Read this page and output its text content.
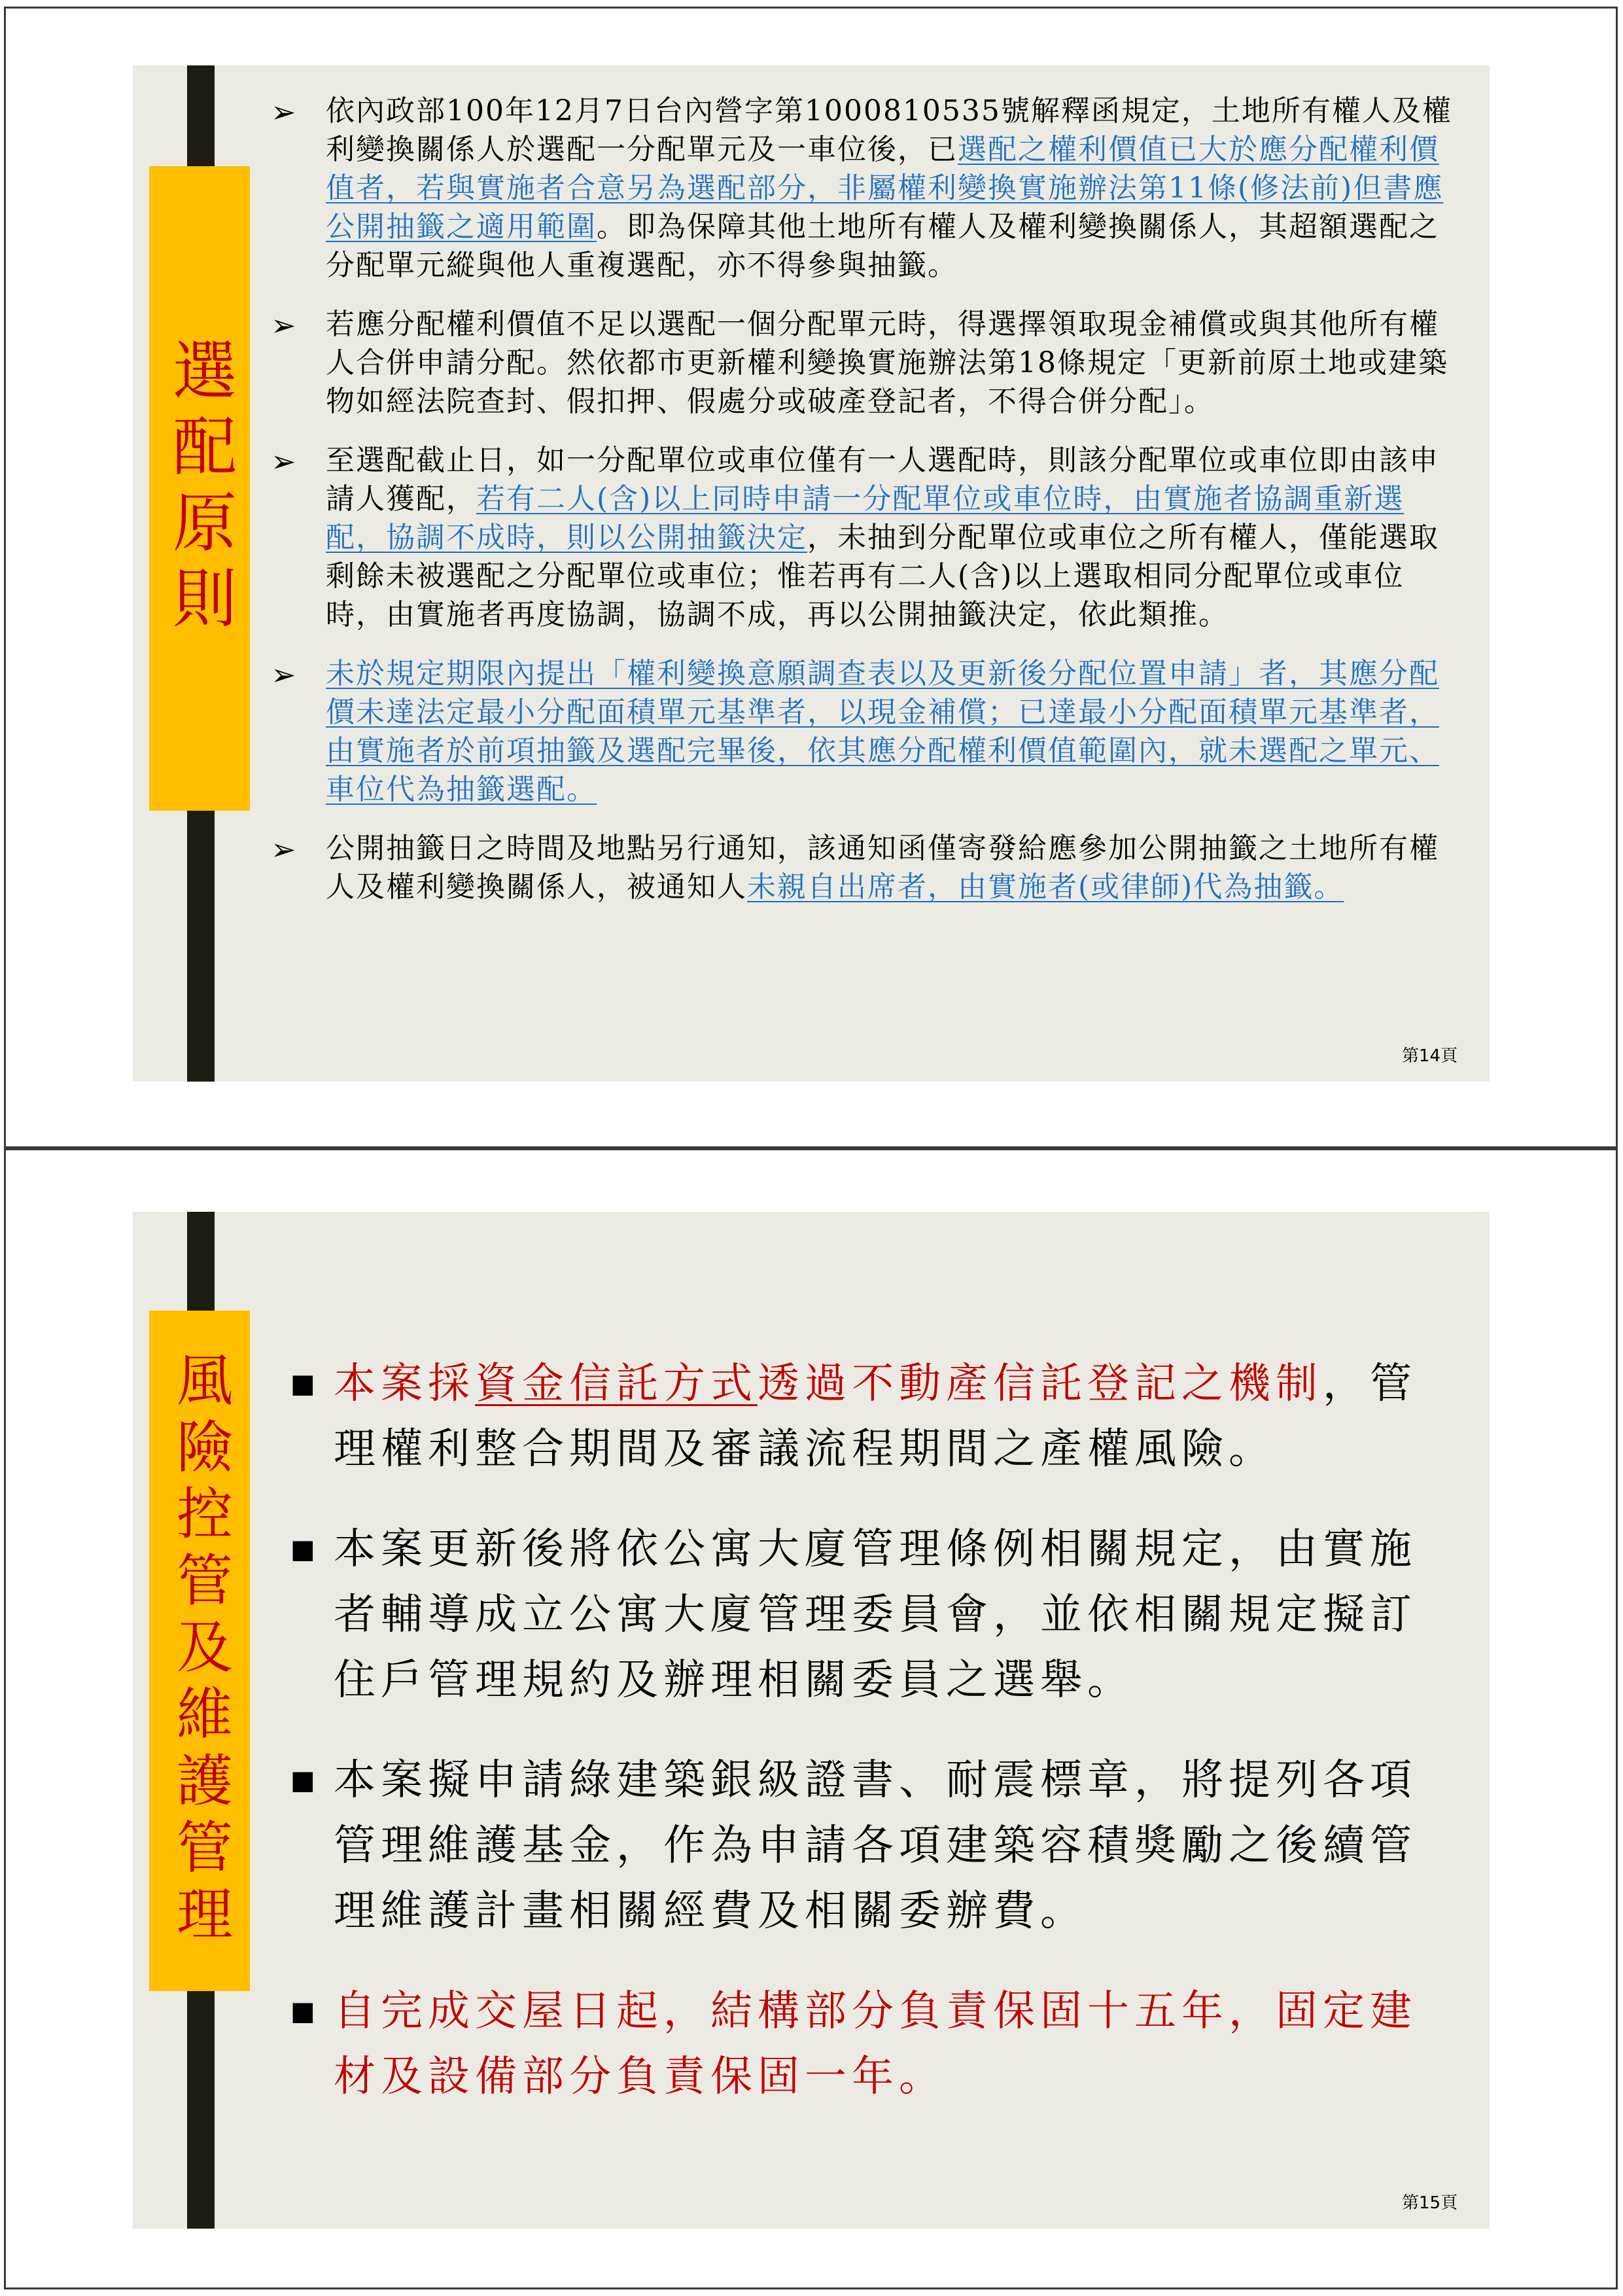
選配原則
➢ 依內政部100年12月7日台內營字第1000810535號解釋函規定，土地所有權人及權利變換關係人於選配一分配單元及一車位後，已選配之權利價值已大於應分配權利價值者，若與實施者合意另為選配部分，非屬權利變換實施辦法第11條(修法前)但書應公開抽籤之適用範圍。即為保障其他土地所有權人及權利變換關係人，其超額選配之分配單元縱與他人重複選配，亦不得參與抽籤。
➢ 若應分配權利價值不足以選配一個分配單元時，得選擇領取現金補償或與其他所有權人合併申請分配。然依都市更新權利變換實施辦法第18條規定「更新前原土地或建築物如經法院查封、假扣押、假處分或破產登記者，不得合併分配」。
➢ 至選配截止日，如一分配單位或車位僅有一人選配時，則該分配單位或車位即由該申請人獲配，若有二人(含)以上同時申請一分配單位或車位時，由實施者協調重新選配，協調不成時，則以公開抽籤決定，未抽到分配單位或車位之所有權人，僅能選取剩餘未被選配之分配單位或車位；惟若再有二人(含)以上選取相同分配單位或車位時，由實施者再度協調，協調不成，再以公開抽籤決定，依此類推。
➢ 未於規定期限內提出「權利變換意願調查表以及更新後分配位置申請」者，其應分配價未達法定最小分配面積單元基準者，以現金補償；已達最小分配面積單元基準者，由實施者於前項抽籤及選配完畢後，依其應分配權利價值範圍內，就未選配之單元、車位代為抽籤選配。
➢ 公開抽籤日之時間及地點另行通知，該通知函僅寄發給應參加公開抽籤之土地所有權人及權利變換關係人，被通知人未親自出席者，由實施者(或律師)代為抽籤。
第14頁
風險控管及維護管理	■ 本案採資金信託方式透過不動產信託登記之機制，管理權利整合期間及審議流程期間之產權風險。
■ 本案更新後將依公寓大廈管理條例相關規定，由實施者輔導成立公寓大廈管理委員會，並依相關規定擬訂住戶管理規約及辦理相關委員之選舉。
■ 本案擬申請綠建築銀級證書、耐震標章，將提列各項管理維護基金，作為申請各項建築容積獎勵之後續管理維護計畫相關經費及相關委辦費。
■ 自完成交屋日起，結構部分負責保固十五年，固定建材及設備部分負責保固一年。
第15頁
